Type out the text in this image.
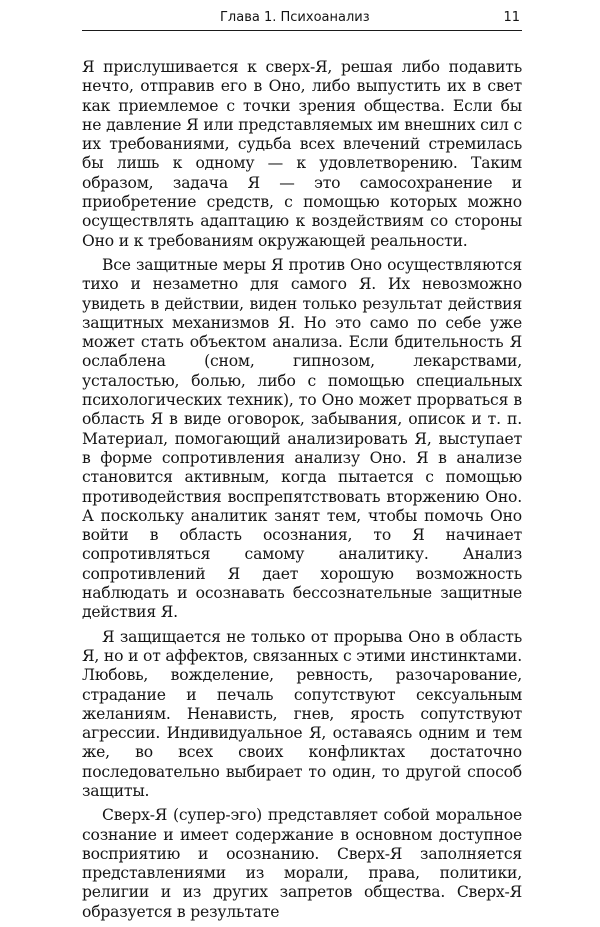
Глава 1. Психоанализ	11

Я прислушивается к сверх-Я, решая либо подавить нечто, отправив его в Оно, либо выпустить их в свет как приемлемое с точки зрения общества. Если бы не давление Я или представляемых им внешних сил с их требованиями, судьба всех влечений стремилась бы лишь к одному — к удовлетворению. Таким образом, задача Я — это самосохранение и приобретение средств, с помощью которых можно осуществлять адаптацию к воздействиям со стороны Оно и к требованиям окружающей реальности.

Все защитные меры Я против Оно осуществляются тихо и незаметно для самого Я. Их невозможно увидеть в действии, виден только результат действия защитных механизмов Я. Но это само по себе уже может стать объектом анализа. Если бдительность Я ослаблена (сном, гипнозом, лекарствами, усталостью, болью, либо с помощью специальных психологических техник), то Оно может прорваться в область Я в виде оговорок, забывания, описок и т. п. Материал, помогающий анализировать Я, выступает в форме сопротивления анализу Оно. Я в анализе становится активным, когда пытается с помощью противодействия воспрепятствовать вторжению Оно. А поскольку аналитик занят тем, чтобы помочь Оно войти в область осознания, то Я начинает сопротивляться самому аналитику. Анализ сопротивлений Я дает хорошую возможность наблюдать и осознавать бессознательные защитные действия Я.

Я защищается не только от прорыва Оно в область Я, но и от аффектов, связанных с этими инстинктами. Любовь, вожделение, ревность, разочарование, страдание и печаль сопутствуют сексуальным желаниям. Ненависть, гнев, ярость сопутствуют агрессии. Индивидуальное Я, оставаясь одним и тем же, во всех своих конфликтах достаточно последовательно выбирает то один, то другой способ защиты.

Сверх-Я (супер-эго) представляет собой моральное сознание и имеет содержание в основном доступное восприятию и осознанию. Сверх-Я заполняется представлениями из морали, права, политики, религии и из других запретов общества. Сверх-Я образуется в результате
